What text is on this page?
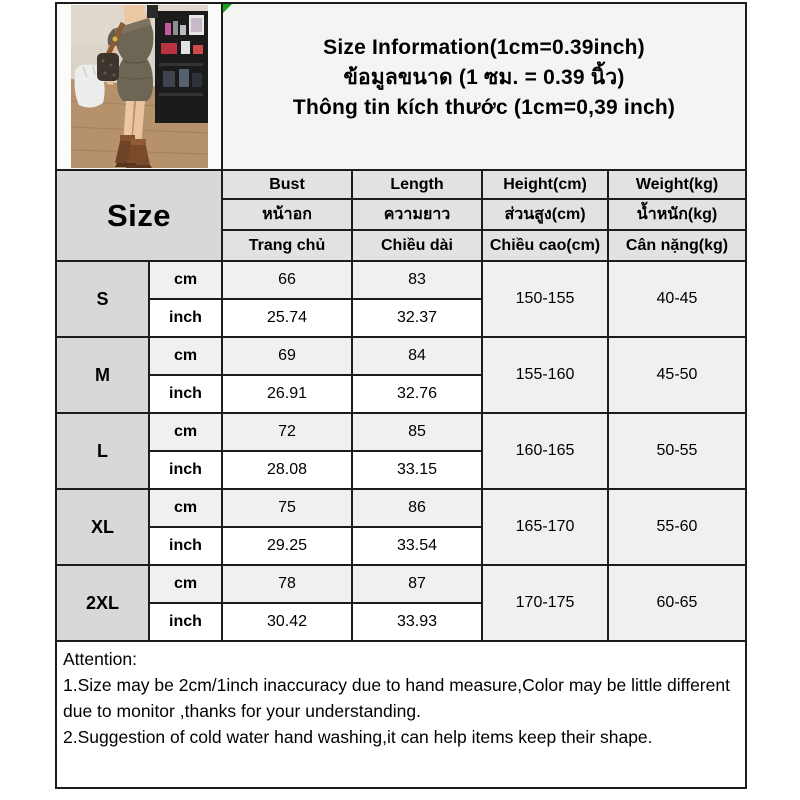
Size Information(1cm=0.39inch)
ข้อมูลขนาด (1 ซม. = 0.39 นิ้ว)
Thông tin kích thước (1cm=0,39 inch)
Size		Bust	Length	Height(cm)	Weight(kg)
		หน้าอก	ความยาว	ส่วนสูง(cm)	น้ำหนัก(kg)
		Trang chủ	Chiều dài	Chiều cao(cm)	Cân nặng(kg)
S	cm	66	83	150-155	40-45
	inch	25.74	32.37		
M	cm	69	84	155-160	45-50
	inch	26.91	32.76		
L	cm	72	85	160-165	50-55
	inch	28.08	33.15		
XL	cm	75	86	165-170	55-60
	inch	29.25	33.54		
2XL	cm	78	87	170-175	60-65
	inch	30.42	33.93		
Attention:
1.Size may be 2cm/1inch inaccuracy due to hand measure,Color may be little different due to monitor ,thanks for your understanding.
2.Suggestion of cold water hand washing,it can help items keep their shape.
